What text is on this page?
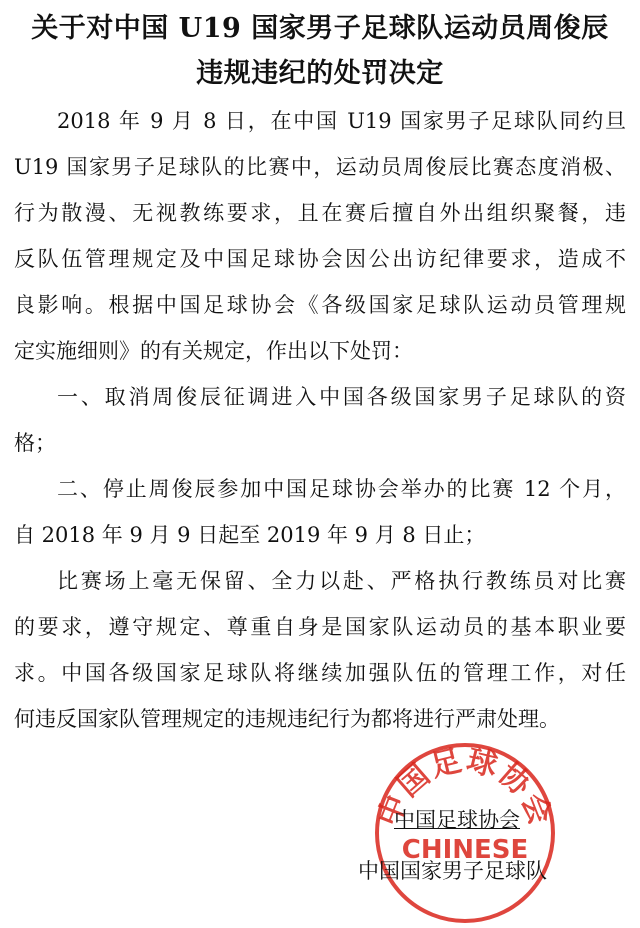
关于对中国 U19 国家男子足球队运动员周俊辰
违规违纪的处罚决定
2018 年 9 月 8 日，在中国 U19 国家男子足球队同约旦
U19 国家男子足球队的比赛中，运动员周俊辰比赛态度消极、
行为散漫、无视教练要求，且在赛后擅自外出组织聚餐，违
反队伍管理规定及中国足球协会因公出访纪律要求，造成不
良影响。根据中国足球协会《各级国家足球队运动员管理规
定实施细则》的有关规定，作出以下处罚：
一、取消周俊辰征调进入中国各级国家男子足球队的资
格；
二、停止周俊辰参加中国足球协会举办的比赛 12 个月，
自 2018 年 9 月 9 日起至 2019 年 9 月 8 日止；
比赛场上毫无保留、全力以赴、严格执行教练员对比赛
的要求，遵守规定、尊重自身是国家队运动员的基本职业要
求。中国各级国家足球队将继续加强队伍的管理工作，对任
何违反国家队管理规定的违规违纪行为都将进行严肃处理。
中国足球协会
CHINESE
中国足球协会
中国国家男子足球队
